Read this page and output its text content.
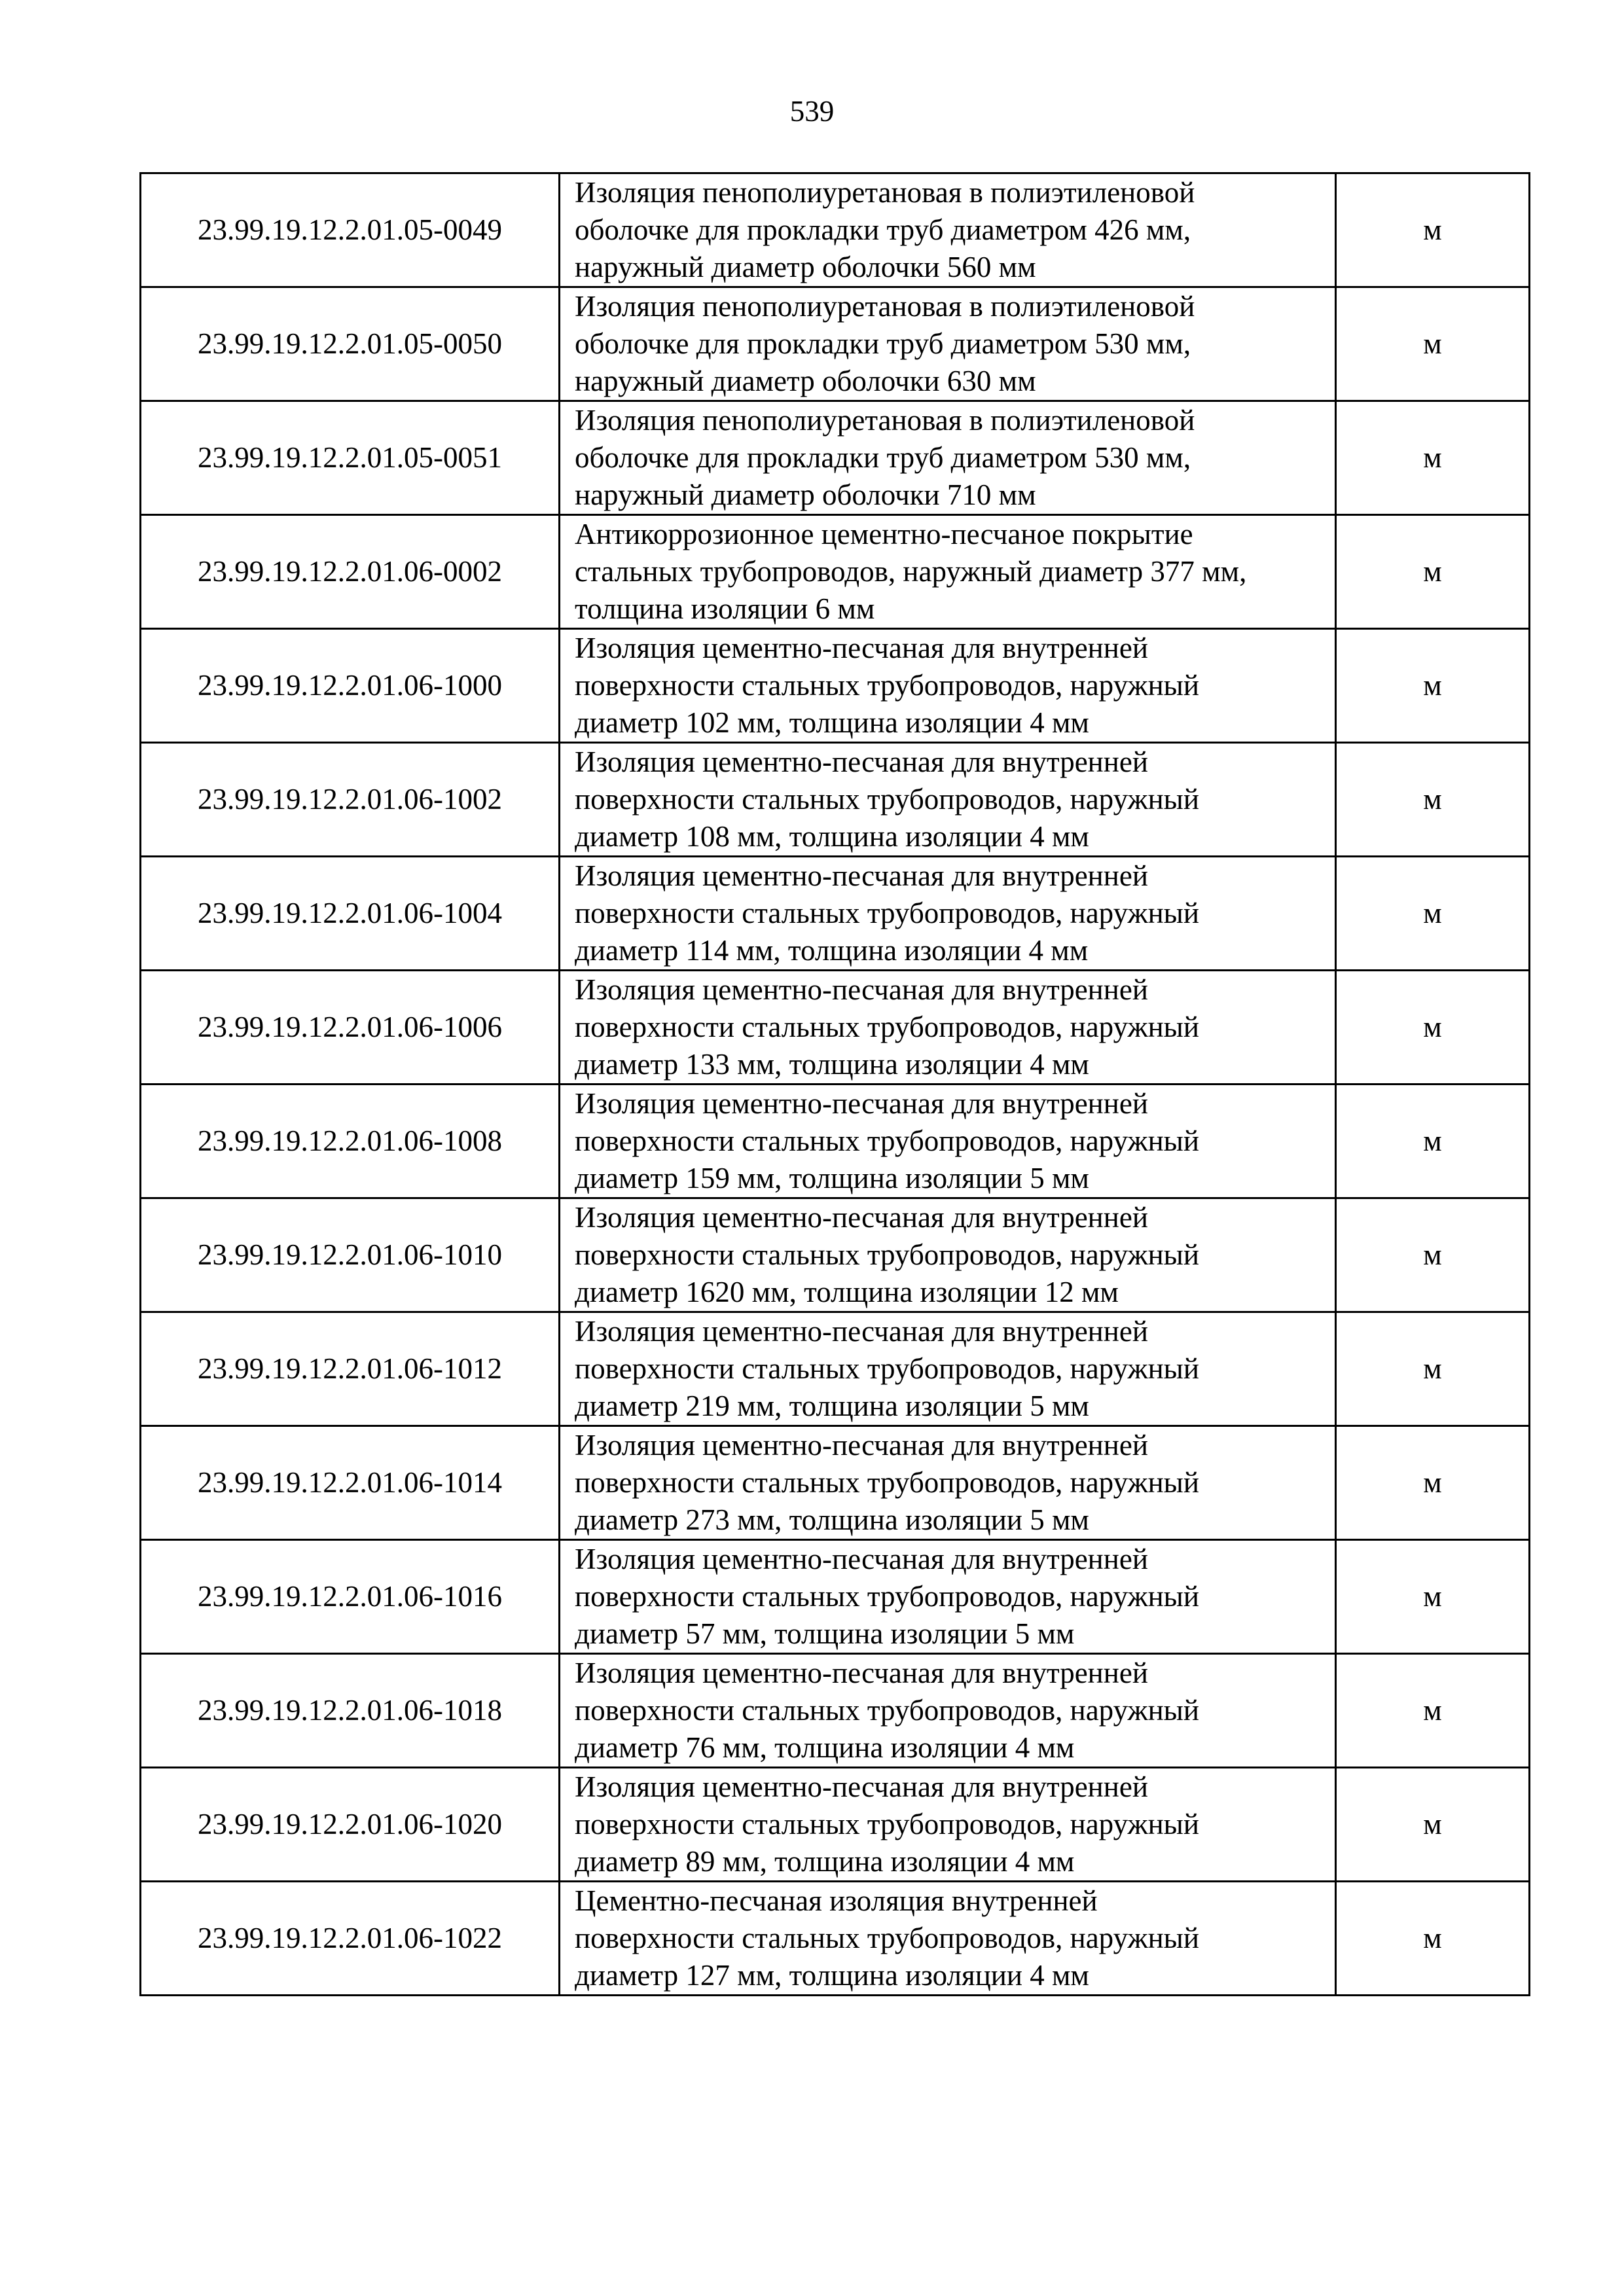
539
23.99.19.12.2.01.05-0049	Изоляция пенополиуретановая в полиэтиленовой
оболочке для прокладки труб диаметром 426 мм,
наружный диаметр оболочки 560 мм	м
23.99.19.12.2.01.05-0050	Изоляция пенополиуретановая в полиэтиленовой
оболочке для прокладки труб диаметром 530 мм,
наружный диаметр оболочки 630 мм	м
23.99.19.12.2.01.05-0051	Изоляция пенополиуретановая в полиэтиленовой
оболочке для прокладки труб диаметром 530 мм,
наружный диаметр оболочки 710 мм	м
23.99.19.12.2.01.06-0002	Антикоррозионное цементно-песчаное покрытие
стальных трубопроводов, наружный диаметр 377 мм,
толщина изоляции 6 мм	м
23.99.19.12.2.01.06-1000	Изоляция цементно-песчаная для внутренней
поверхности стальных трубопроводов, наружный
диаметр 102 мм, толщина изоляции 4 мм	м
23.99.19.12.2.01.06-1002	Изоляция цементно-песчаная для внутренней
поверхности стальных трубопроводов, наружный
диаметр 108 мм, толщина изоляции 4 мм	м
23.99.19.12.2.01.06-1004	Изоляция цементно-песчаная для внутренней
поверхности стальных трубопроводов, наружный
диаметр 114 мм, толщина изоляции 4 мм	м
23.99.19.12.2.01.06-1006	Изоляция цементно-песчаная для внутренней
поверхности стальных трубопроводов, наружный
диаметр 133 мм, толщина изоляции 4 мм	м
23.99.19.12.2.01.06-1008	Изоляция цементно-песчаная для внутренней
поверхности стальных трубопроводов, наружный
диаметр 159 мм, толщина изоляции 5 мм	м
23.99.19.12.2.01.06-1010	Изоляция цементно-песчаная для внутренней
поверхности стальных трубопроводов, наружный
диаметр 1620 мм, толщина изоляции 12 мм	м
23.99.19.12.2.01.06-1012	Изоляция цементно-песчаная для внутренней
поверхности стальных трубопроводов, наружный
диаметр 219 мм, толщина изоляции 5 мм	м
23.99.19.12.2.01.06-1014	Изоляция цементно-песчаная для внутренней
поверхности стальных трубопроводов, наружный
диаметр 273 мм, толщина изоляции 5 мм	м
23.99.19.12.2.01.06-1016	Изоляция цементно-песчаная для внутренней
поверхности стальных трубопроводов, наружный
диаметр 57 мм, толщина изоляции 5 мм	м
23.99.19.12.2.01.06-1018	Изоляция цементно-песчаная для внутренней
поверхности стальных трубопроводов, наружный
диаметр 76 мм, толщина изоляции 4 мм	м
23.99.19.12.2.01.06-1020	Изоляция цементно-песчаная для внутренней
поверхности стальных трубопроводов, наружный
диаметр 89 мм, толщина изоляции 4 мм	м
23.99.19.12.2.01.06-1022	Цементно-песчаная изоляция внутренней
поверхности стальных трубопроводов, наружный
диаметр 127 мм, толщина изоляции 4 мм	м
